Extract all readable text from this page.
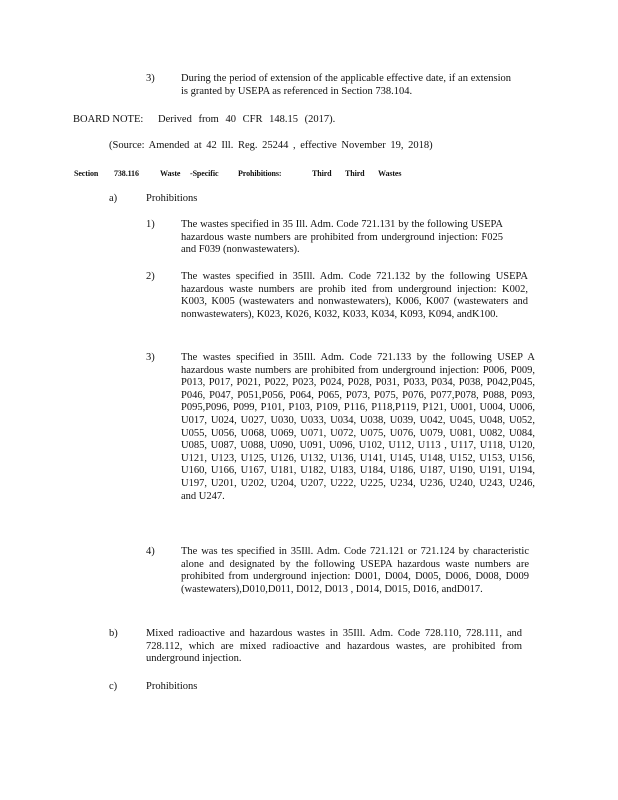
3)	During the period of extension of the applicable effective date, if an extension is granted by USEPA as referenced in Section 738.104.
BOARD NOTE: Derived from 40 CFR 148.15 (2017).
(Source: Amended at 42 Ill. Reg. 25244 , effective November 19, 2018)
Section 738.116	Waste -Specific Prohibitions:	Third Third Wastes
a)	Prohibitions
1)	The wastes specified in 35 Ill. Adm. Code 721.131 by the following USEPA hazardous waste numbers are prohibited from underground injection: F025 and F039 (nonwastewaters).
2)	The wastes specified in 35Ill. Adm. Code 721.132 by the following USEPA hazardous waste numbers are prohib ited from underground injection: K002, K003, K005 (wastewaters and nonwastewaters), K006, K007 (wastewaters and nonwastewaters), K023, K026, K032, K033, K034, K093, K094, andK100.
3)	The wastes specified in 35Ill. Adm. Code 721.133 by the following USEP A hazardous waste numbers are prohibited from underground injection: P006, P009, P013, P017, P021, P022, P023, P024, P028, P031, P033, P034, P038, P042,P045, P046, P047, P051,P056, P064, P065, P073, P075, P076, P077,P078, P088, P093, P095,P096, P099, P101, P103, P109, P116, P118,P119, P121, U001, U004, U006, U017, U024, U027, U030, U033, U034, U038, U039, U042, U045, U048, U052, U055, U056, U068, U069, U071, U072, U075, U076, U079, U081, U082, U084, U085, U087, U088, U090, U091, U096, U102, U112, U113 , U117, U118, U120, U121, U123, U125, U126, U132, U136, U141, U145, U148, U152, U153, U156, U160, U166, U167, U181, U182, U183, U184, U186, U187, U190, U191, U194, U197, U201, U202, U204, U207, U222, U225, U234, U236, U240, U243, U246, and U247.
4)	The was tes specified in 35Ill. Adm. Code 721.121 or 721.124 by characteristic alone and designated by the following USEPA hazardous waste numbers are prohibited from underground injection: D001, D004, D005, D006, D008, D009 (wastewaters),D010,D011, D012, D013 , D014, D015, D016, andD017.
b)	Mixed radioactive and hazardous wastes in 35Ill. Adm. Code 728.110, 728.111, and 728.112, which are mixed radioactive and hazardous wastes, are prohibited from underground injection.
c)	Prohibitions
